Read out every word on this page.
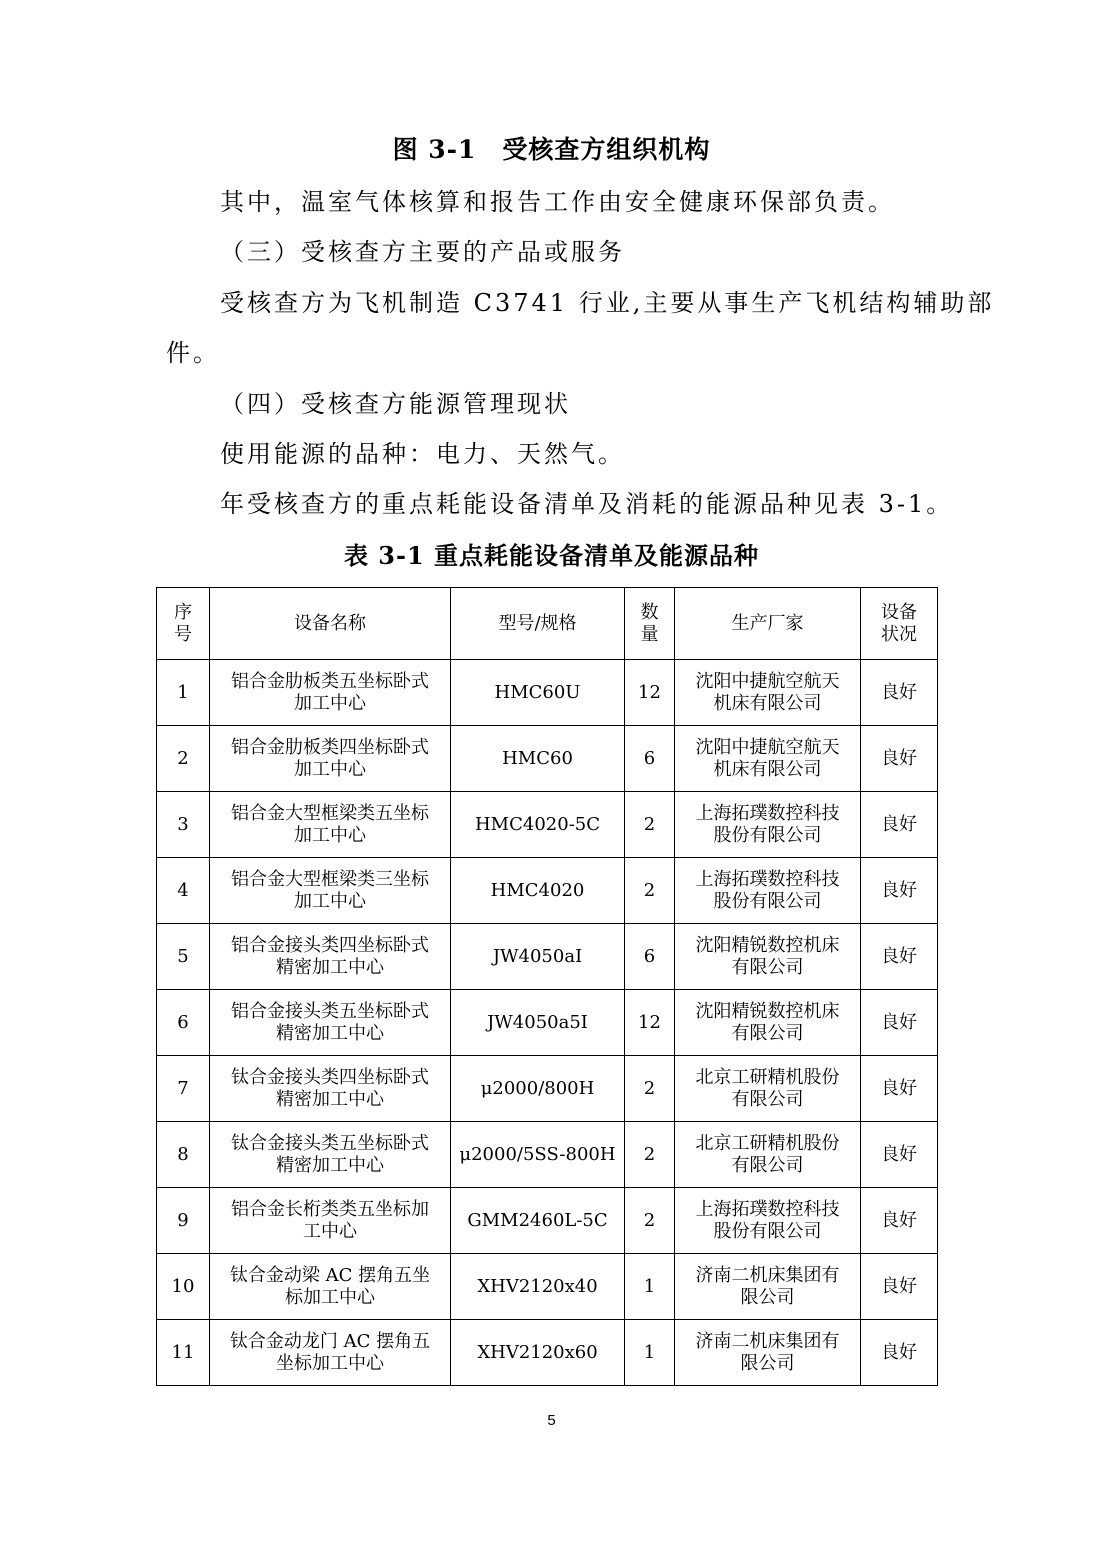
图 3-1　受核查方组织机构
其中，温室气体核算和报告工作由安全健康环保部负责。
（三）受核查方主要的产品或服务
受核查方为飞机制造 C3741 行业,主要从事生产飞机结构辅助部
件。
（四）受核查方能源管理现状
使用能源的品种：电力、天然气。
年受核查方的重点耗能设备清单及消耗的能源品种见表 3-1。
表 3-1 重点耗能设备清单及能源品种
序
号	设备名称	型号/规格	数
量	生产厂家	设备
状况
1	铝合金肋板类五坐标卧式
加工中心	HMC60U	12	沈阳中捷航空航天
机床有限公司	良好
2	铝合金肋板类四坐标卧式
加工中心	HMC60	6	沈阳中捷航空航天
机床有限公司	良好
3	铝合金大型框梁类五坐标
加工中心	HMC4020-5C	2	上海拓璞数控科技
股份有限公司	良好
4	铝合金大型框梁类三坐标
加工中心	HMC4020	2	上海拓璞数控科技
股份有限公司	良好
5	铝合金接头类四坐标卧式
精密加工中心	JW4050aI	6	沈阳精锐数控机床
有限公司	良好
6	铝合金接头类五坐标卧式
精密加工中心	JW4050a5I	12	沈阳精锐数控机床
有限公司	良好
7	钛合金接头类四坐标卧式
精密加工中心	μ2000/800H	2	北京工研精机股份
有限公司	良好
8	钛合金接头类五坐标卧式
精密加工中心	μ2000/5SS-800H	2	北京工研精机股份
有限公司	良好
9	铝合金长桁类类五坐标加
工中心	GMM2460L-5C	2	上海拓璞数控科技
股份有限公司	良好
10	钛合金动梁 AC 摆角五坐
标加工中心	XHV2120x40	1	济南二机床集团有
限公司	良好
11	钛合金动龙门 AC 摆角五
坐标加工中心	XHV2120x60	1	济南二机床集团有
限公司	良好
5
